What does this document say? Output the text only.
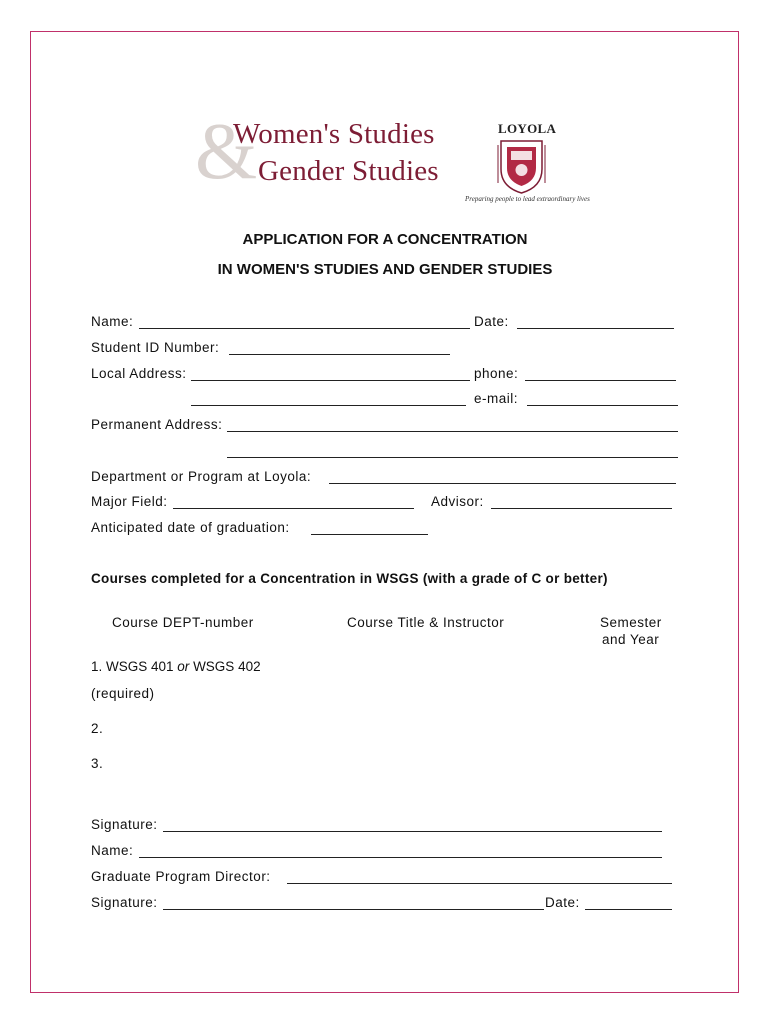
&
Women's Studies
Gender Studies
LOYOLA
Preparing people to lead extraordinary lives
APPLICATION FOR A CONCENTRATION
IN WOMEN'S STUDIES AND GENDER STUDIES
Name:	Date:
Student ID Number:
Local Address:	phone:
e-mail:
Permanent Address:
Department or Program at Loyola:
Major Field:	Advisor:
Anticipated date of graduation:
Courses completed for a Concentration in WSGS (with a grade of C or better)
Course DEPT-number	Course Title & Instructor	Semester
and Year
1. WSGS 401 or WSGS 402
(required)
2.
3.
Signature:
Name:
Graduate Program Director:
Signature:	Date:
